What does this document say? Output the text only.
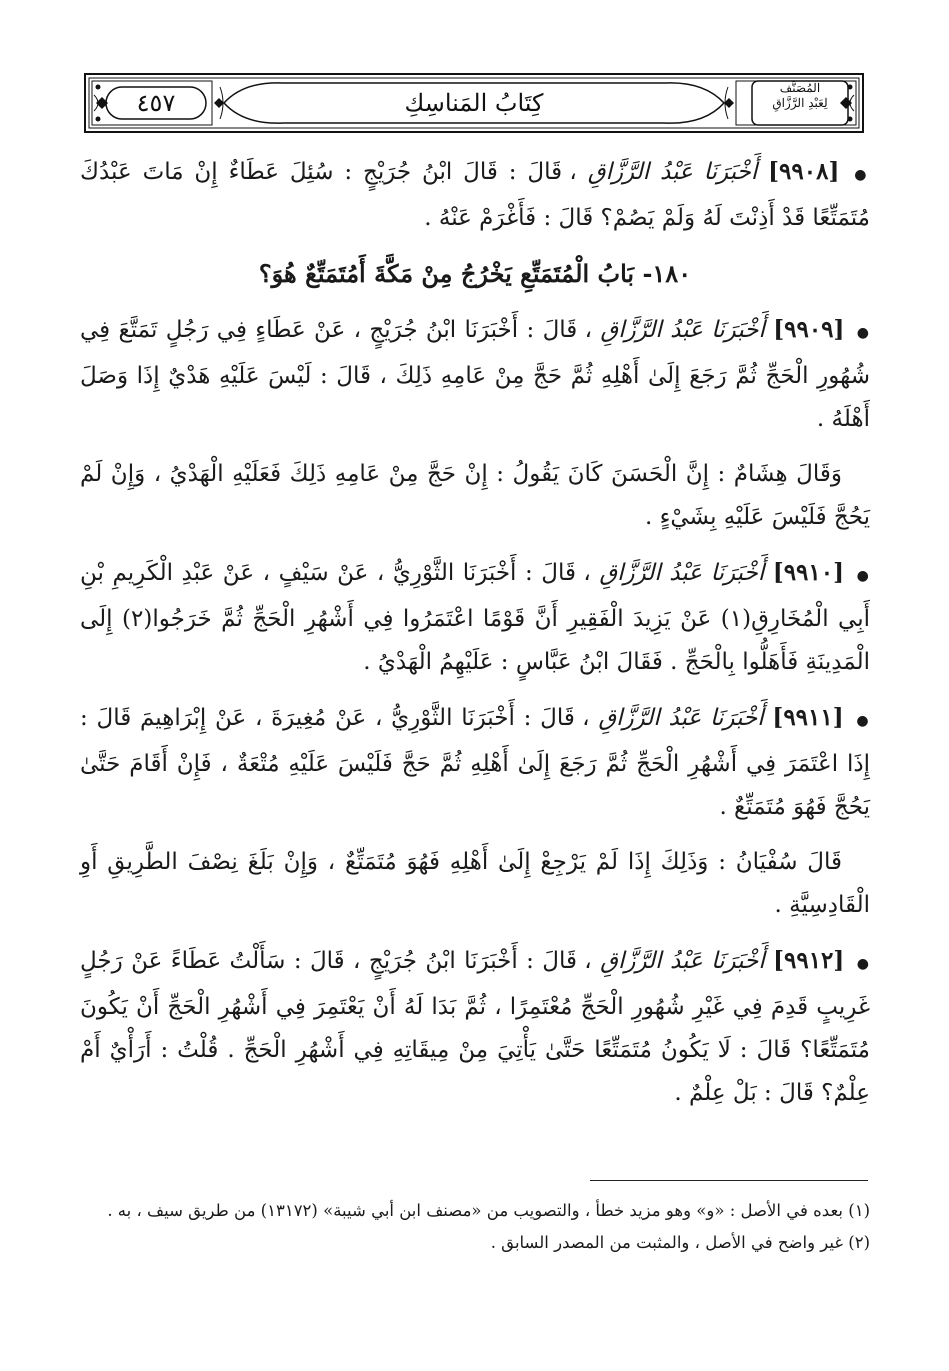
٤٥٧	كِتَابُ المَناسِكِ
المُصَنَّف
لِعَبْدِ الرَّزَّاقِ

● [٩٩٠٨] أَخْبَرَنَا عَبْدُ الرَّزَّاقِ ، قَالَ : قَالَ ابْنُ جُرَيْجٍ : سُئِلَ عَطَاءٌ إِنْ مَاتَ عَبْدُكَ مُتَمَتِّعًا قَدْ أَذِنْتَ لَهُ وَلَمْ يَصُمْ؟ قَالَ : فَأَغْرَمْ عَنْهُ .

١٨٠- بَابُ الْمُتَمَتِّعِ يَخْرُجُ مِنْ مَكَّةَ أَمُتَمَتِّعٌ هُوَ؟

● [٩٩٠٩] أَخْبَرَنَا عَبْدُ الرَّزَّاقِ ، قَالَ : أَخْبَرَنَا ابْنُ جُرَيْجٍ ، عَنْ عَطَاءٍ فِي رَجُلٍ تَمَتَّعَ فِي شُهُورِ الْحَجِّ ثُمَّ رَجَعَ إِلَىٰ أَهْلِهِ ثُمَّ حَجَّ مِنْ عَامِهِ ذَلِكَ ، قَالَ : لَيْسَ عَلَيْهِ هَدْيٌ إِذَا وَصَلَ أَهْلَهُ .

وَقَالَ هِشَامٌ : إِنَّ الْحَسَنَ كَانَ يَقُولُ : إِنْ حَجَّ مِنْ عَامِهِ ذَلِكَ فَعَلَيْهِ الْهَدْيُ ، وَإِنْ لَمْ يَحُجَّ فَلَيْسَ عَلَيْهِ بِشَيْءٍ .

● [٩٩١٠] أَخْبَرَنَا عَبْدُ الرَّزَّاقِ ، قَالَ : أَخْبَرَنَا الثَّوْرِيُّ ، عَنْ سَيْفٍ ، عَنْ عَبْدِ الْكَرِيمِ بْنِ أَبِي الْمُخَارِقِ(١) عَنْ يَزِيدَ الْفَقِيرِ أَنَّ قَوْمًا اعْتَمَرُوا فِي أَشْهُرِ الْحَجِّ ثُمَّ خَرَجُوا(٢) إِلَى الْمَدِينَةِ فَأَهَلُّوا بِالْحَجِّ . فَقَالَ ابْنُ عَبَّاسٍ : عَلَيْهِمُ الْهَدْيُ .

● [٩٩١١] أَخْبَرَنَا عَبْدُ الرَّزَّاقِ ، قَالَ : أَخْبَرَنَا الثَّوْرِيُّ ، عَنْ مُغِيرَةَ ، عَنْ إِبْرَاهِيمَ قَالَ : إِذَا اعْتَمَرَ فِي أَشْهُرِ الْحَجِّ ثُمَّ رَجَعَ إِلَىٰ أَهْلِهِ ثُمَّ حَجَّ فَلَيْسَ عَلَيْهِ مُتْعَةٌ ، فَإِنْ أَقَامَ حَتَّىٰ يَحُجَّ فَهُوَ مُتَمَتِّعٌ .

قَالَ سُفْيَانُ : وَذَلِكَ إِذَا لَمْ يَرْجِعْ إِلَىٰ أَهْلِهِ فَهُوَ مُتَمَتِّعٌ ، وَإِنْ بَلَغَ نِصْفَ الطَّرِيقِ أَوِ الْقَادِسِيَّةِ .

● [٩٩١٢] أَخْبَرَنَا عَبْدُ الرَّزَّاقِ ، قَالَ : أَخْبَرَنَا ابْنُ جُرَيْجٍ ، قَالَ : سَأَلْتُ عَطَاءً عَنْ رَجُلٍ غَرِيبٍ قَدِمَ فِي غَيْرِ شُهُورِ الْحَجِّ مُعْتَمِرًا ، ثُمَّ بَدَا لَهُ أَنْ يَعْتَمِرَ فِي أَشْهُرِ الْحَجِّ أَنْ يَكُونَ مُتَمَتِّعًا؟ قَالَ : لَا يَكُونُ مُتَمَتِّعًا حَتَّىٰ يَأْتِيَ مِنْ مِيقَاتِهِ فِي أَشْهُرِ الْحَجِّ . قُلْتُ : أَرَأْيٌ أَمْ عِلْمٌ؟ قَالَ : بَلْ عِلْمٌ .

(١) بعده في الأصل : «و» وهو مزيد خطأ ، والتصويب من «مصنف ابن أبي شيبة» (١٣١٧٢) من طريق سيف ، به .

(٢) غير واضح في الأصل ، والمثبت من المصدر السابق .
